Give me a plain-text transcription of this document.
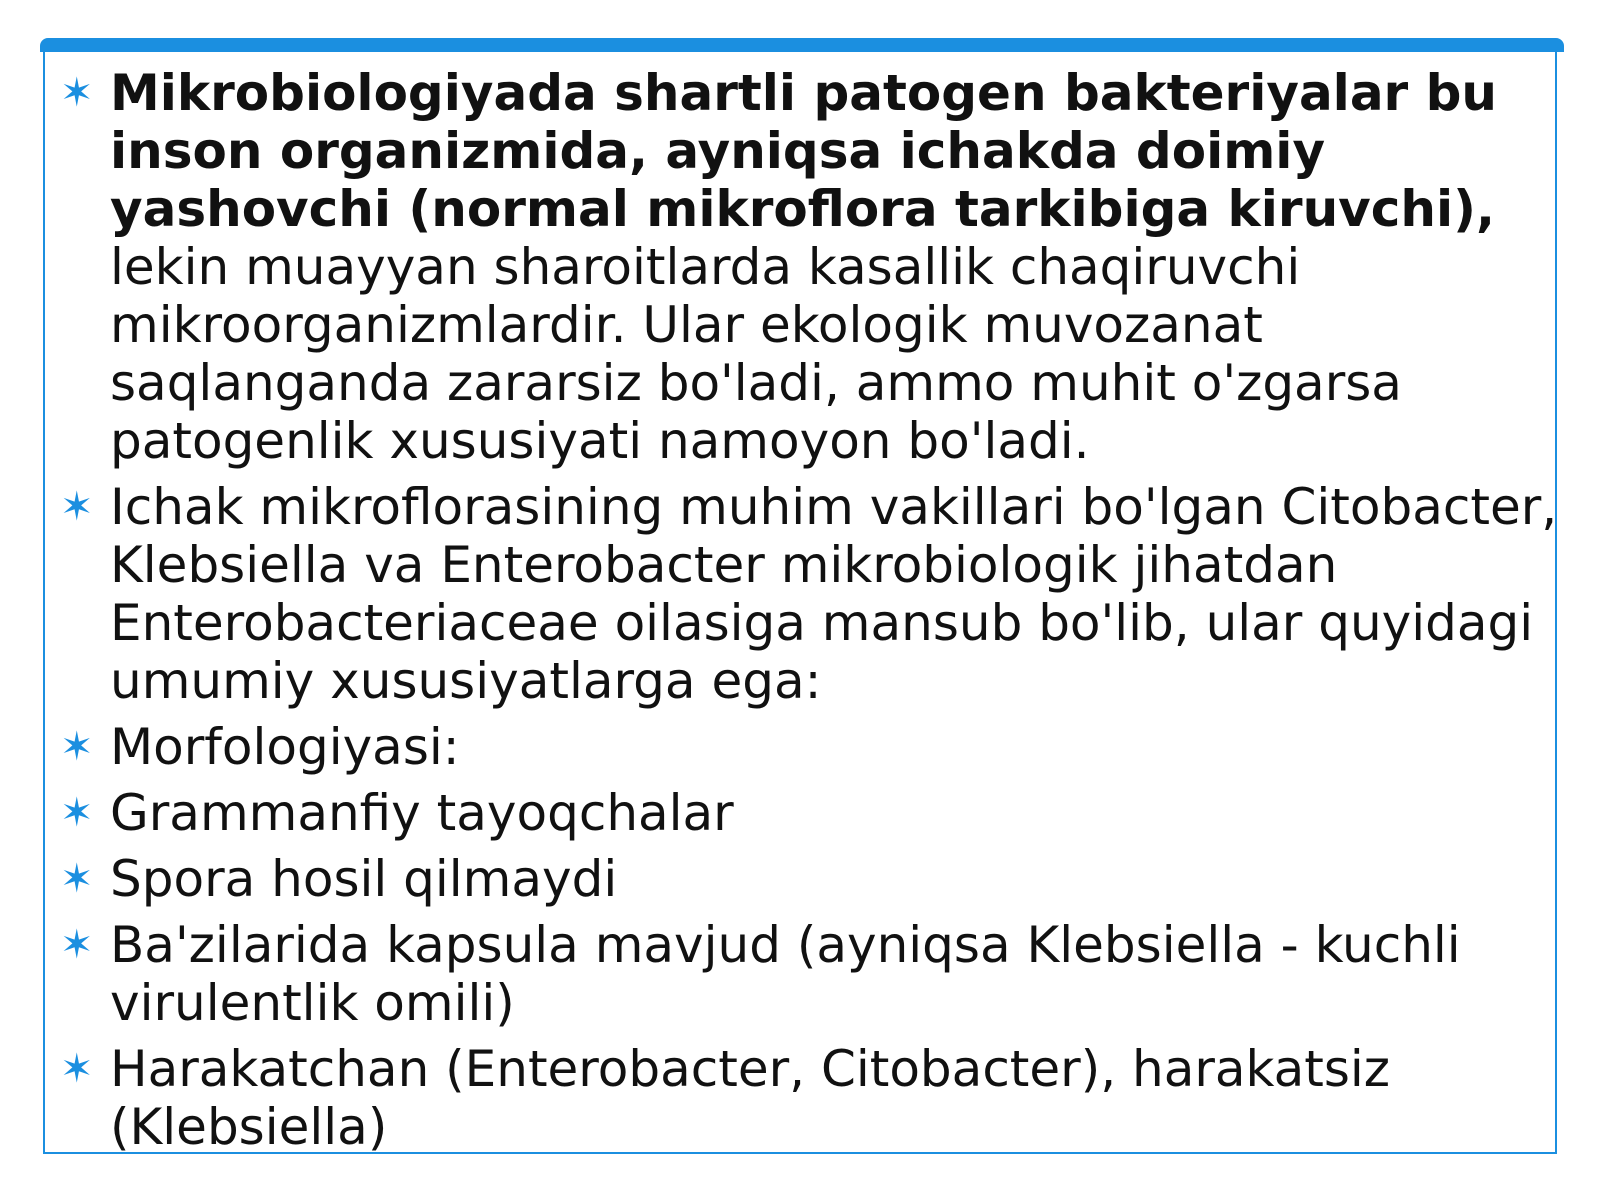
✶ Mikrobiologiyada shartli patogen bakteriyalar bu inson organizmida, ayniqsa ichakda doimiy yashovchi (normal mikroflora tarkibiga kiruvchi), lekin muayyan sharoitlarda kasallik chaqiruvchi mikroorganizmlardir. Ular ekologik muvozanat saqlanganda zararsiz bo'ladi, ammo muhit o'zgarsa patogenlik xususiyati namoyon bo'ladi.
✶ Ichak mikroflorasining muhim vakillari bo'lgan Citobacter, Klebsiella va Enterobacter mikrobiologik jihatdan Enterobacteriaceae oilasiga mansub bo'lib, ular quyidagi umumiy xususiyatlarga ega:
✶ Morfologiyasi:
✶ Grammanfiy tayoqchalar
✶ Spora hosil qilmaydi
✶ Ba'zilarida kapsula mavjud (ayniqsa Klebsiella - kuchli virulentlik omili)
✶ Harakatchan (Enterobacter, Citobacter), harakatsiz (Klebsiella)
